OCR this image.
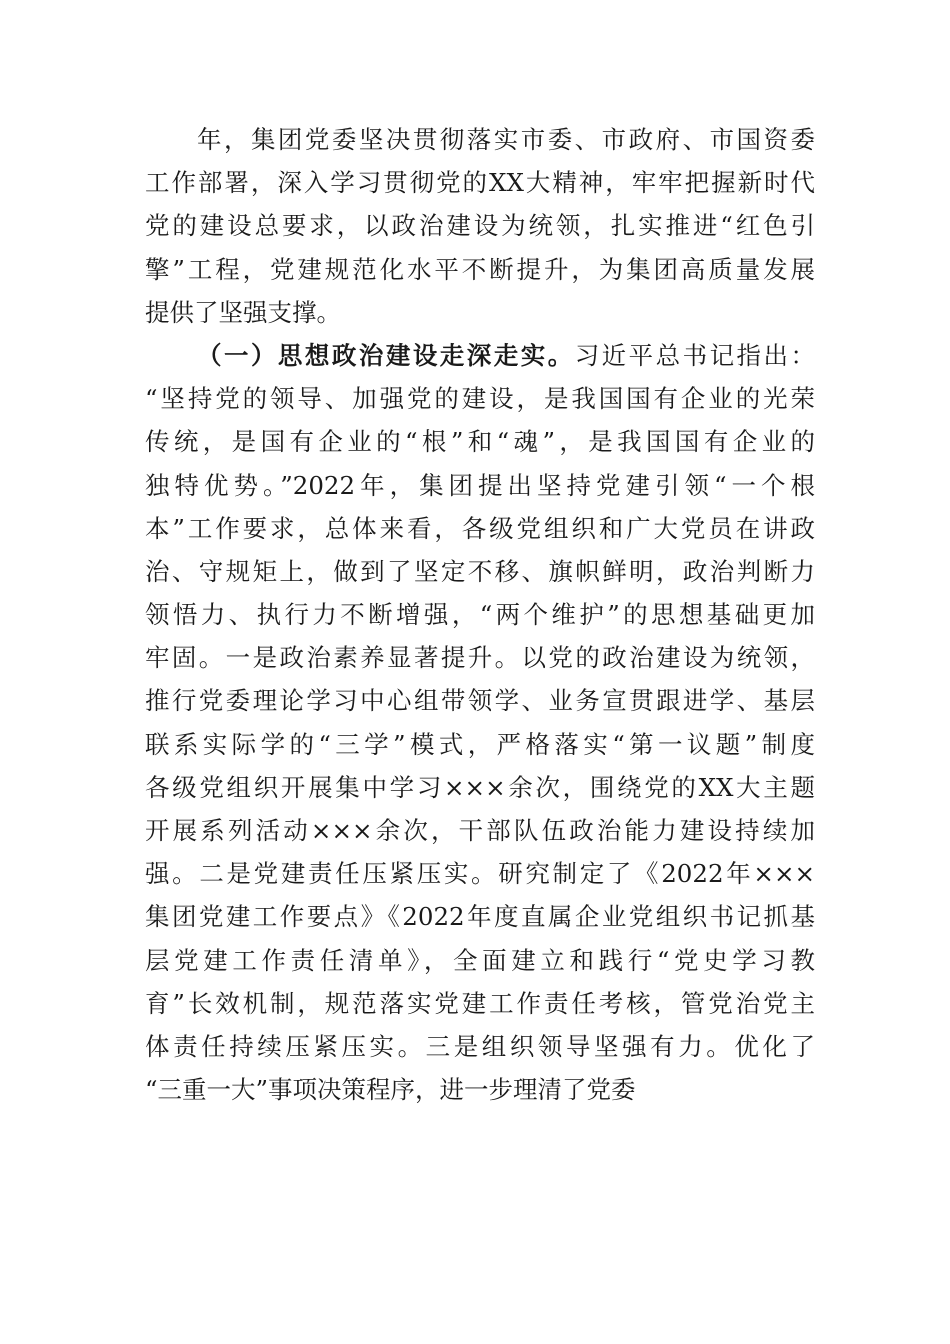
年，集团党委坚决贯彻落实市委、市政府、市国资委
工作部署，深入学习贯彻党的XX大精神，牢牢把握新时代
党的建设总要求，以政治建设为统领，扎实推进“红色引
擎”工程，党建规范化水平不断提升，为集团高质量发展
提供了坚强支撑。
（一）思想政治建设走深走实。习近平总书记指出：
“坚持党的领导、加强党的建设，是我国国有企业的光荣
传统，是国有企业的“根”和“魂”，是我国国有企业的
独特优势。”2022年，集团提出坚持党建引领“一个根
本”工作要求，总体来看，各级党组织和广大党员在讲政
治、守规矩上，做到了坚定不移、旗帜鲜明，政治判断力
领悟力、执行力不断增强，“两个维护”的思想基础更加
牢固。一是政治素养显著提升。以党的政治建设为统领，
推行党委理论学习中心组带领学、业务宣贯跟进学、基层
联系实际学的“三学”模式，严格落实“第一议题”制度
各级党组织开展集中学习×××余次，围绕党的XX大主题
开展系列活动×××余次，干部队伍政治能力建设持续加
强。二是党建责任压紧压实。研究制定了《2022年×××
集团党建工作要点》《2022年度直属企业党组织书记抓基
层党建工作责任清单》，全面建立和践行“党史学习教
育”长效机制，规范落实党建工作责任考核，管党治党主
体责任持续压紧压实。三是组织领导坚强有力。优化了
“三重一大”事项决策程序，进一步理清了党委
